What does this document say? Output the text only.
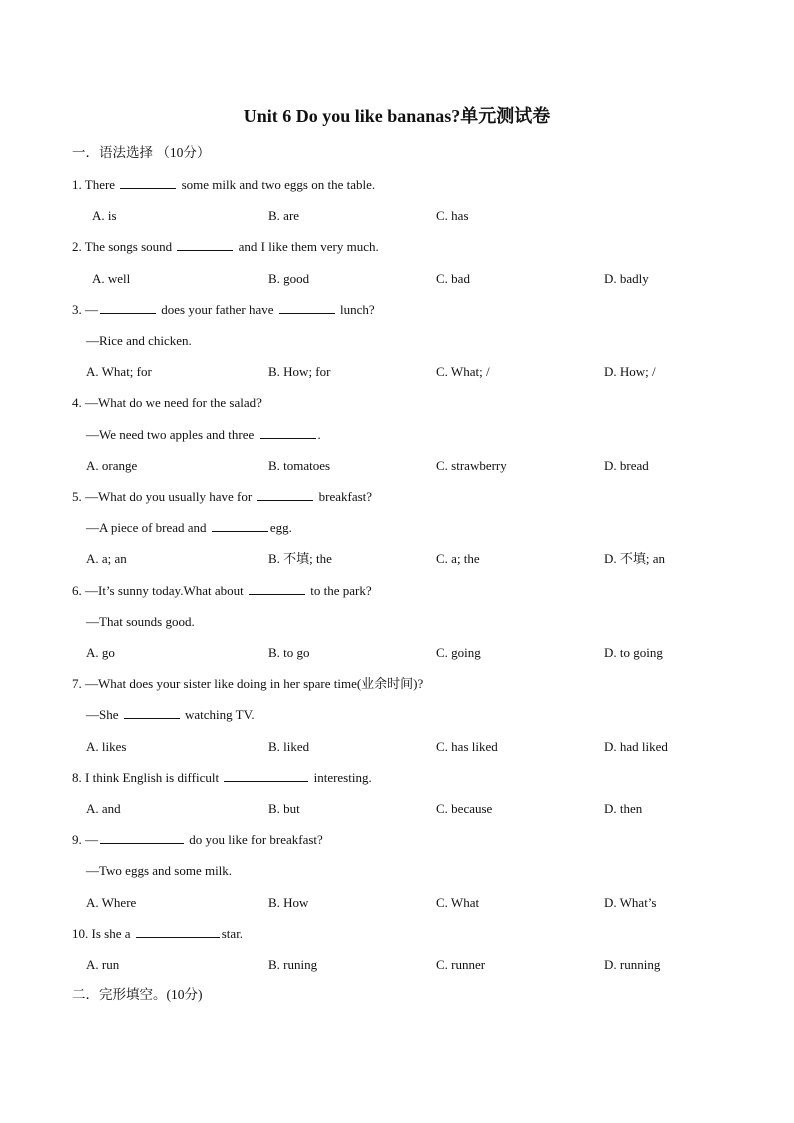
Unit 6 Do you like bananas?单元测试卷
一．语法选择 （10分）
1. There	some milk and two eggs on the table.
A. is	B. are	C. has
2. The songs sound	and I like them very much.
A. well	B. good	C. bad	D. badly
3. —	does your father have	lunch?
—Rice and chicken.
A. What; for	B. How; for	C. What; /	D. How; /
4. —What do we need for the salad?
—We need two apples and three	.
A. orange	B. tomatoes	C. strawberry	D. bread
5. —What do you usually have for	breakfast?
—A piece of bread and	egg.
A. a; an	B. 不填; the	C. a; the	D. 不填; an
6. —It’s sunny today.What about	to the park?
—That sounds good.
A. go	B. to go	C. going	D. to going
7. —What does your sister like doing in her spare time(业余时间)?
—She	watching TV.
A. likes	B. liked	C. has liked	D. had liked
8. I think English is difficult	interesting.
A. and	B. but	C. because	D. then
9. —	do you like for breakfast?
—Two eggs and some milk.
A. Where	B. How	C. What	D. What’s
10. Is she a	star.
A. run	B. runing	C. runner	D. running
二．完形填空。(10分)
